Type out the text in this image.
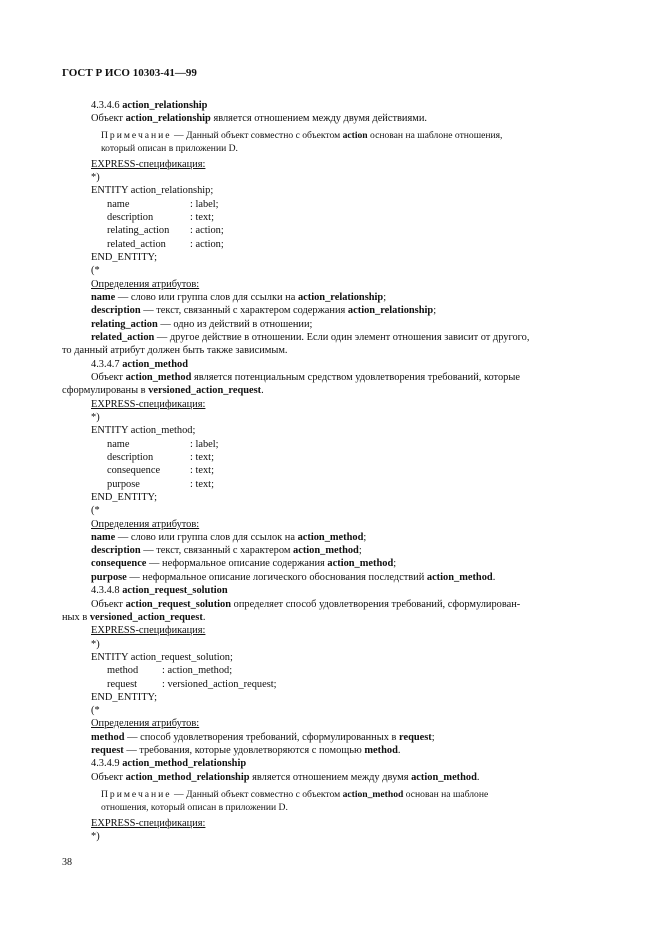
ГОСТ Р ИСО 10303-41—99
4.3.4.6 action_relationship
Объект action_relationship является отношением между двумя действиями.
Примечание — Данный объект совместно с объектом action основан на шаблоне отношения,
который описан в приложении D.
EXPRESS-спецификация:
*)
ENTITY action_relationship;
name	: label;
description	: text;
relating_action : action;
related_action : action;
END_ENTITY;
(*
Определения атрибутов:
name — слово или группа слов для ссылки на action_relationship;
description — текст, связанный с характером содержания action_relationship;
relating_action — одно из действий в отношении;
related_action — другое действие в отношении. Если один элемент отношения зависит от другого,
то данный атрибут должен быть также зависимым.
4.3.4.7 action_method
Объект action_method является потенциальным средством удовлетворения требований, которые
сформулированы в versioned_action_request.
EXPRESS-спецификация:
*)
ENTITY action_method;
name	: label;
description	: text;
consequence	: text;
purpose	: text;
END_ENTITY;
(*
Определения атрибутов:
name — слово или группа слов для ссылок на action_method;
description — текст, связанный с характером action_method;
consequence — неформальное описание содержания action_method;
purpose — неформальное описание логического обоснования последствий action_method.
4.3.4.8 action_request_solution
Объект action_request_solution определяет способ удовлетворения требований, сформулирован-
ных в versioned_action_request.
EXPRESS-спецификация:
*)
ENTITY action_request_solution;
method : action_method;
request : versioned_action_request;
END_ENTITY;
(*
Определения атрибутов:
method — способ удовлетворения требований, сформулированных в request;
request — требования, которые удовлетворяются с помощью method.
4.3.4.9 action_method_relationship
Объект action_method_relationship является отношением между двумя action_method.
Примечание — Данный объект совместно с объектом action_method основан на шаблоне
отношения, который описан в приложении D.
EXPRESS-спецификация:
*)
38
